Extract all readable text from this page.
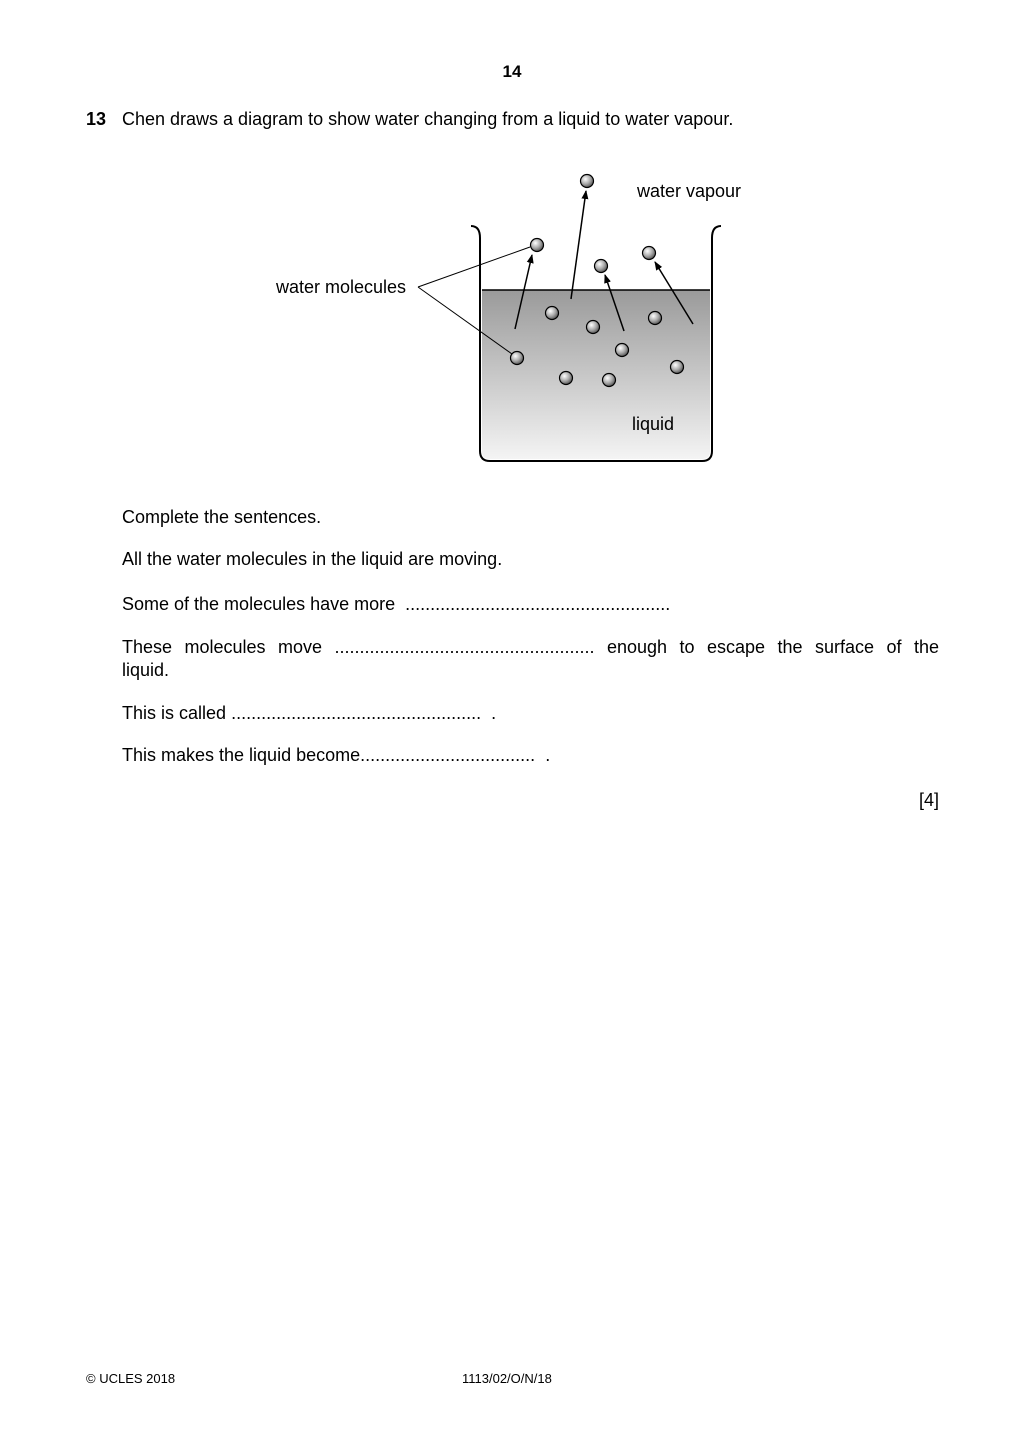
14
13 Chen draws a diagram to show water changing from a liquid to water vapour.
water vapour
water molecules
liquid
Complete the sentences.
All the water molecules in the liquid are moving.
Some of the molecules have more .....................................................
These molecules move .................................................... enough to escape the surface of the
liquid.
This is called .................................................. .
This makes the liquid become................................... .
[4]
© UCLES 2018	1113/02/O/N/18
